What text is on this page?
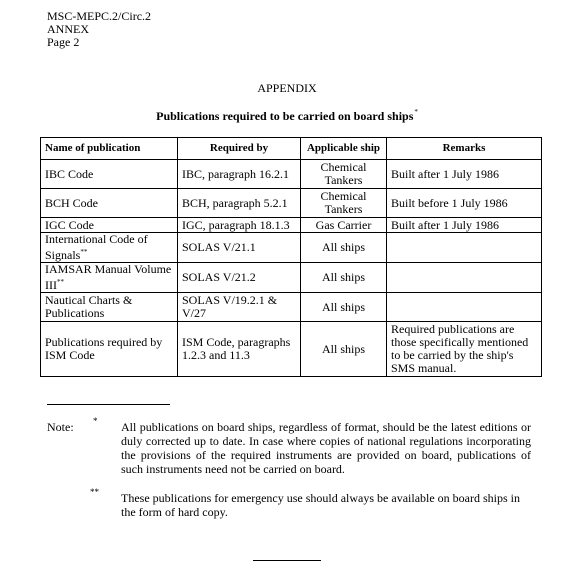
MSC-MEPC.2/Circ.2
ANNEX
Page 2
APPENDIX
Publications required to be carried on board ships*
Name of publication	Required by	Applicable ship	Remarks
IBC Code	IBC, paragraph 16.2.1	Chemical Tankers	Built after 1 July 1986
BCH Code	BCH, paragraph 5.2.1	Chemical Tankers	Built before 1 July 1986
IGC Code	IGC, paragraph 18.1.3	Gas Carrier	Built after 1 July 1986
International Code of Signals**	SOLAS V/21.1	All ships	
IAMSAR Manual Volume III**	SOLAS V/21.2	All ships	
Nautical Charts & Publications	SOLAS V/19.2.1 & V/27	All ships	
Publications required by ISM Code	ISM Code, paragraphs 1.2.3 and 11.3	All ships	Required publications are those specifically mentioned to be carried by the ship's SMS manual.
Note: * All publications on board ships, regardless of format, should be the latest editions or duly corrected up to date. In case where copies of national regulations incorporating the provisions of the required instruments are provided on board, publications of such instruments need not be carried on board.
** These publications for emergency use should always be available on board ships in the form of hard copy.
